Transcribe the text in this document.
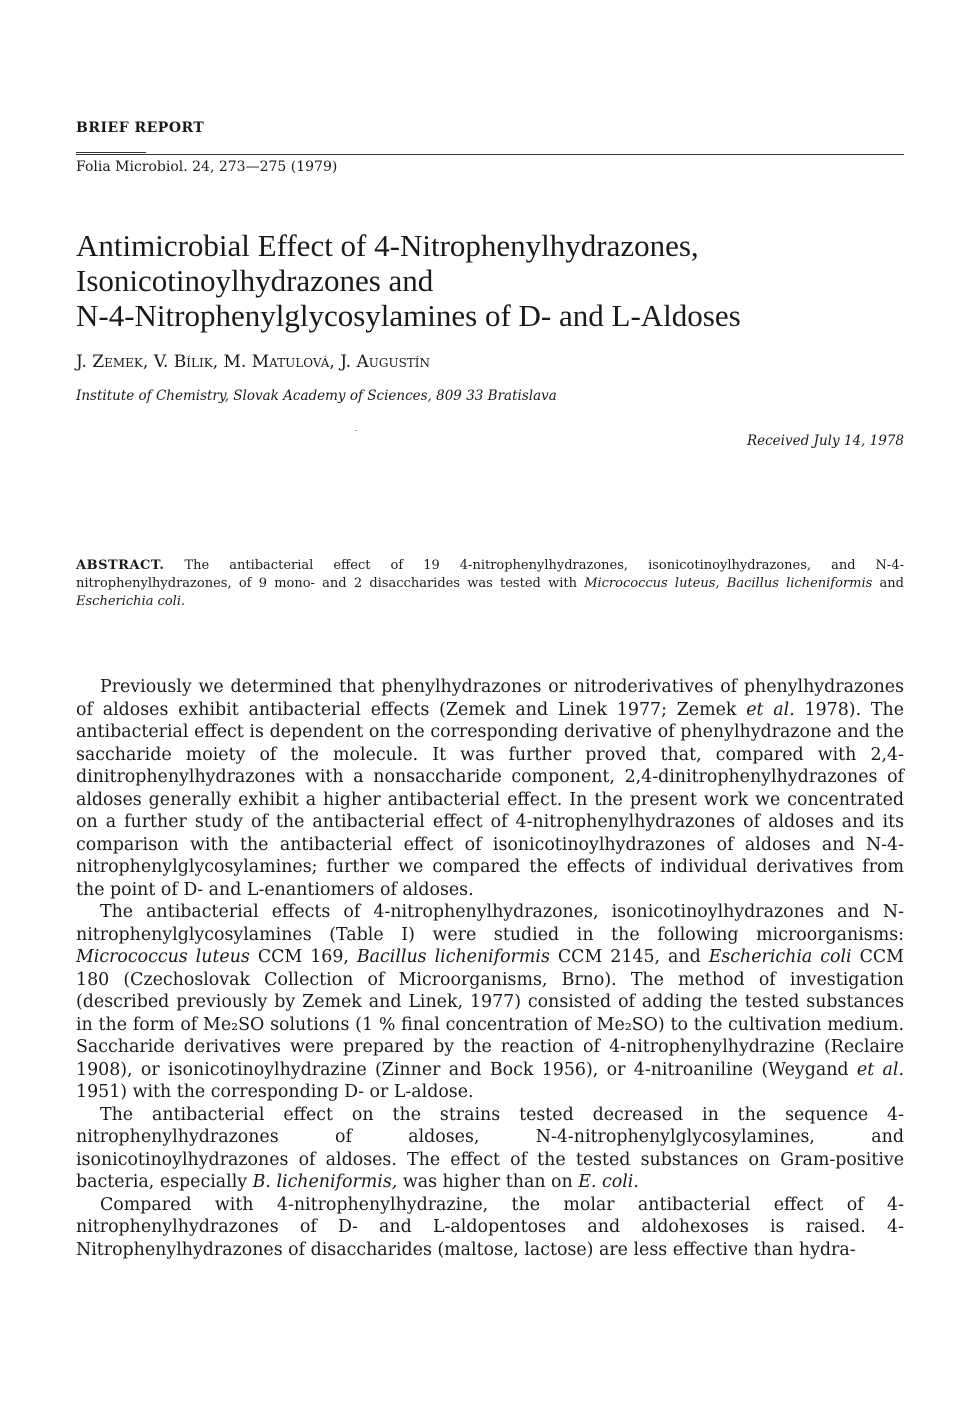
BRIEF REPORT
Folia Microbiol. 24, 273—275 (1979)
Antimicrobial Effect of 4-Nitrophenylhydrazones,
Isonicotinoylhydrazones and
N-4-Nitrophenylglycosylamines of D- and L-Aldoses
J. Zemek, V. Bílik, M. Matulová, J. Augustín
Institute of Chemistry, Slovak Academy of Sciences, 809 33 Bratislava
Received July 14, 1978
ABSTRACT. The antibacterial effect of 19 4-nitrophenylhydrazones, isonicotinoylhydrazones, and N-4-nitrophenylhydrazones, of 9 mono- and 2 disaccharides was tested with Micrococcus luteus, Bacillus licheniformis and Escherichia coli.

Previously we determined that phenylhydrazones or nitroderivatives of phenylhydrazones of aldoses exhibit antibacterial effects (Zemek and Linek 1977; Zemek et al. 1978). The antibacterial effect is dependent on the corresponding derivative of phenylhydrazone and the saccharide moiety of the molecule. It was further proved that, compared with 2,4-dinitrophenylhydrazones with a nonsaccharide component, 2,4-dinitrophenylhydrazones of aldoses generally exhibit a higher antibacterial effect. In the present work we concentrated on a further study of the antibacterial effect of 4-nitrophenylhydrazones of aldoses and its comparison with the antibacterial effect of isonicotinoylhydrazones of aldoses and N-4-nitrophenylglycosylamines; further we compared the effects of individual derivatives from the point of D- and L-enantiomers of aldoses.

The antibacterial effects of 4-nitrophenylhydrazones, isonicotinoylhydrazones and N-nitrophenylglycosylamines (Table I) were studied in the following microorganisms: Micrococcus luteus CCM 169, Bacillus licheniformis CCM 2145, and Escherichia coli CCM 180 (Czechoslovak Collection of Microorganisms, Brno). The method of investigation (described previously by Zemek and Linek, 1977) consisted of adding the tested substances in the form of Me₂SO solutions (1 % final concentration of Me₂SO) to the cultivation medium. Saccharide derivatives were prepared by the reaction of 4-nitrophenylhydrazine (Reclaire 1908), or isonicotinoylhydrazine (Zinner and Bock 1956), or 4-nitroaniline (Weygand et al. 1951) with the corresponding D- or L-aldose.

The antibacterial effect on the strains tested decreased in the sequence 4-nitrophenylhydrazones of aldoses, N-4-nitrophenylglycosylamines, and isonicotinoylhydrazones of aldoses. The effect of the tested substances on Gram-positive bacteria, especially B. licheniformis, was higher than on E. coli.

Compared with 4-nitrophenylhydrazine, the molar antibacterial effect of 4-nitrophenylhydrazones of D- and L-aldopentoses and aldohexoses is raised. 4-Nitrophenylhydrazones of disaccharides (maltose, lactose) are less effective than hydra-
